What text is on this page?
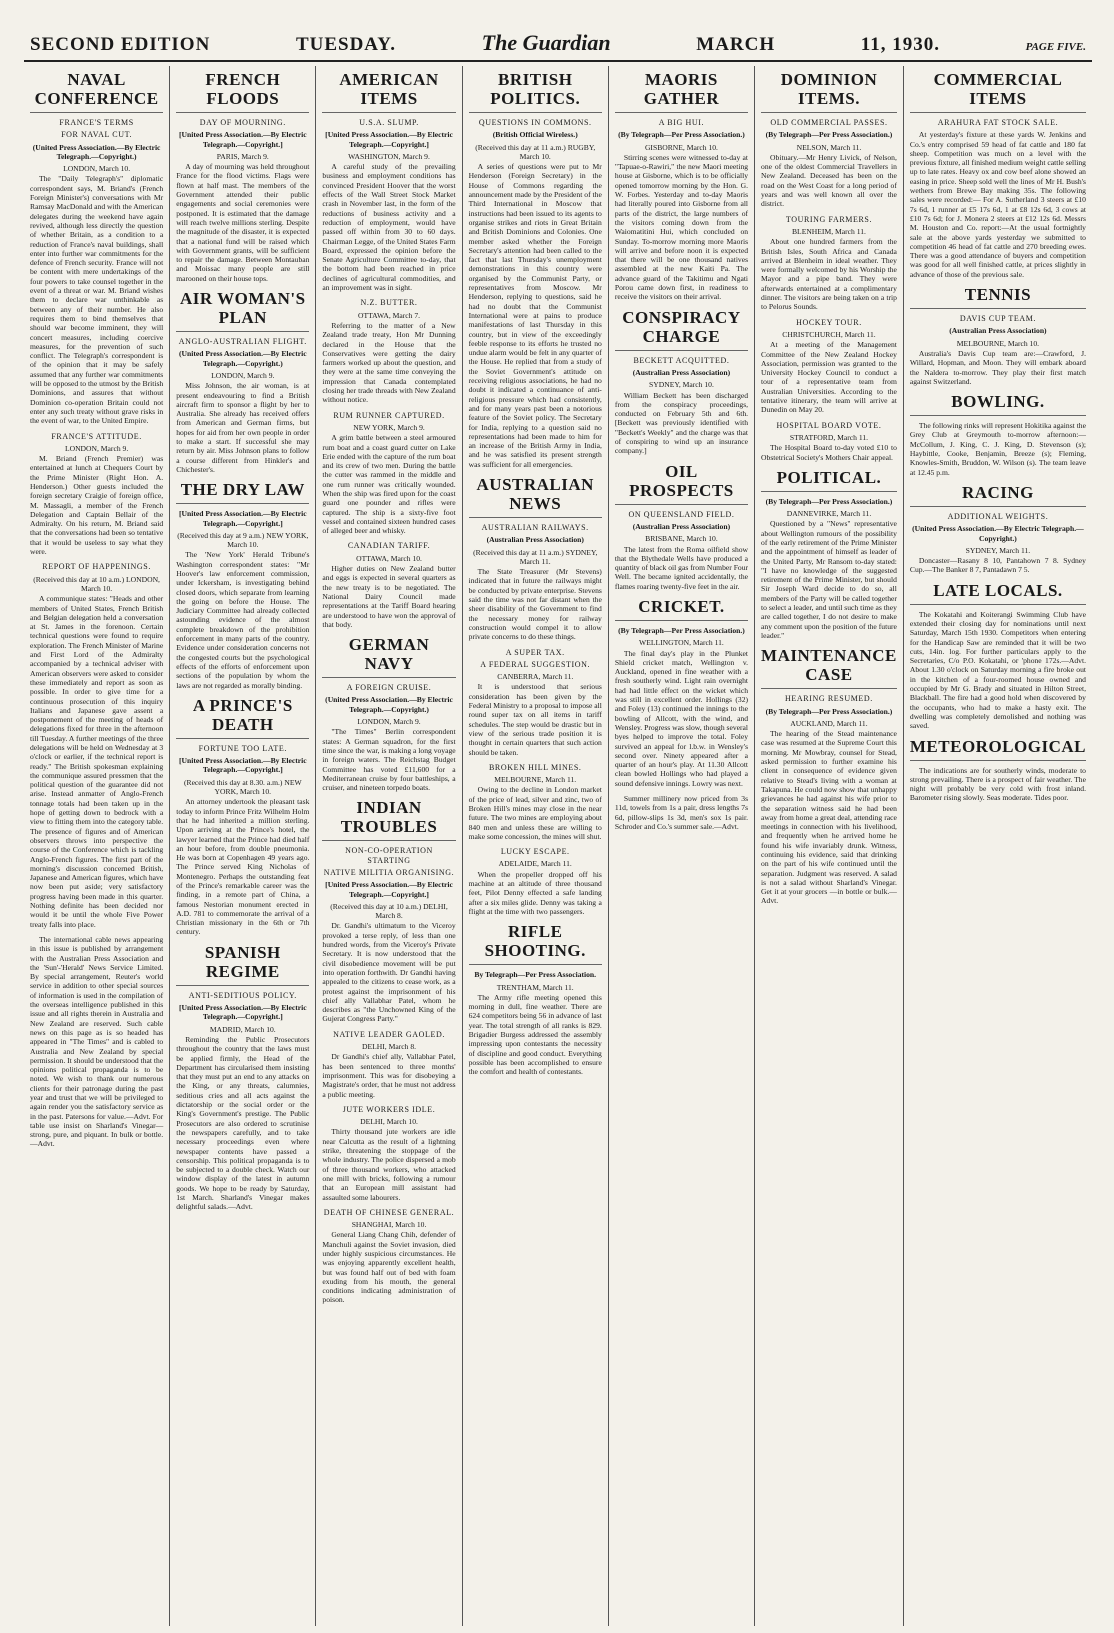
SECOND EDITION	TUESDAY.	The Guardian	MARCH	11, 1930.	PAGE FIVE.
NAVAL CONFERENCE
FRANCE'S TERMS
FOR NAVAL CUT.
(United Press Association.—By Electric Telegraph.—Copyright.)
LONDON, March 10.

The "Daily Telegraph's" diplomatic correspondent says, M. Briand's (French Foreign Minister's) conversations with Mr Ramsay MacDonald and with the American delegates during the weekend have again revived, although less directly the question of whether Britain, as a condition to a reduction of France's naval buildings, shall enter into further war commitments for the defence of French security. France will not be content with mere undertakings of the four powers to take counsel together in the event of a threat or war. M. Briand wishes them to declare war unthinkable as between any of their number. He also requires them to bind themselves that should war become imminent, they will concert measures, including coercive measures, for the prevention of such conflict. The Telegraph's correspondent is of the opinion that it may be safely assumed that any further war commitments will be opposed to the utmost by the British Dominions, and assures that without Dominion co-operation Britain could not enter any such treaty without grave risks in the event of war, to the United Empire.

FRANCE'S ATTITUDE.
LONDON, March 9.

M. Briand (French Premier) was entertained at lunch at Chequers Court by the Prime Minister (Right Hon. A. Henderson.) Other guests included the foreign secretary Craigie of foreign office, M. Massagli, a member of the French Delegation and Captain Bellair of the Admiralty. On his return, M. Briand said that the conversations had been so tentative that it would be useless to say what they were.

REPORT OF HAPPENINGS.
(Received this day at 10 a.m.) LONDON, March 10.

A communique states: "Heads and other members of United States, French British and Belgian delegation held a conversation at St. James in the forenoon. Certain technical questions were found to require exploration. The French Minister of Marine and First Lord of the Admiralty accompanied by a technical adviser with American observers were asked to consider these immediately and report as soon as possible. In order to give time for a continuous prosecution of this inquiry Italians and Japanese gave assent a postponement of the meeting of heads of delegations fixed for three in the afternoon till Tuesday. A further meetings of the three delegations will be held on Wednesday at 3 o'clock or earlier, if the technical report is ready." The British spokesman explaining the communique assured pressmen that the political question of the guarantee did not arise. Instead anmatter of Anglo-French tonnage totals had been taken up in the hope of getting down to bedrock with a view to fitting them into the category table. The presence of figures and of American observers throws into perspective the course of the Conference which is tackling Anglo-French figures. The first part of the morning's discussion concerned British, Japanese and American figures, which have now been put aside; very satisfactory progress having been made in this quarter. Nothing definite has been decided nor would it be until the whole Five Power treaty falls into place.

The international cable news appearing in this issue is published by arrangement with the Australian Press Association and the 'Sun'-'Herald' News Service Limited. By special arrangement, Reuter's world service in addition to other special sources of information is used in the compilation of the overseas intelligence published in this issue and all rights therein in Australia and New Zealand are reserved. Such cable news on this page as is so headed has appeared in "The Times" and is cabled to Australia and New Zealand by special permission. It should be understood that the opinions political propaganda is to be noted. We wish to thank our numerous clients for their patronage during the past year and trust that we will be privileged to again render you the satisfactory service as in the past. Patersons for value.—Advt. For table use insist on Sharland's Vinegar—strong, pure, and piquant. In bulk or bottle.—Advt.

FRENCH FLOODS
DAY OF MOURNING.
[United Press Association.—By Electric Telegraph.—Copyright.]
PARIS, March 9.

A day of mourning was held throughout France for the flood victims. Flags were flown at half mast. The members of the Government attended their public engagements and social ceremonies were postponed. It is estimated that the damage will reach twelve millions sterling. Despite the magnitude of the disaster, it is expected that a national fund will be raised which with Government grants, will be sufficient to repair the damage. Between Montauban and Moissac many people are still marooned on their house tops.

AIR WOMAN'S PLAN
ANGLO-AUSTRALIAN FLIGHT.
(United Press Association.—By Electric Telegraph.—Copyright.)
LONDON, March 9.

Miss Johnson, the air woman, is at present endeavouring to find a British aircraft firm to sponsor a flight by her to Australia. She already has received offers from American and German firms, but hopes for aid from her own people in order to make a start. If successful she may return by air. Miss Johnson plans to follow a course different from Hinkler's and Chichester's.

THE DRY LAW
[United Press Association.—By Electric Telegraph.—Copyright.]
(Received this day at 9 a.m.) NEW YORK, March 10.

The 'New York' Herald Tribune's Washington correspondent states: "Mr Hoover's law enforcement commission, under Ickersham, is investigating behind closed doors, which separate from learning the going on before the House. The Judiciary Committee had already collected astounding evidence of the almost complete breakdown of the prohibition enforcement in many parts of the country. Evidence under consideration concerns not the congested courts but the psychological effects of the efforts of enforcement upon sections of the population by whom the laws are not regarded as morally binding.

A PRINCE'S DEATH
FORTUNE TOO LATE.
[United Press Association.—By Electric Telegraph.—Copyright.]
(Received this day at 8.30. a.m.) NEW YORK, March 10.

An attorney undertook the pleasant task today to inform Prince Fritz Wilhelm Holm that he had inherited a million sterling. Upon arriving at the Prince's hotel, the lawyer learned that the Prince had died half an hour before, from double pneumonia. He was born at Copenhagen 49 years ago. The Prince served King Nicholas of Montenegro. Perhaps the outstanding feat of the Prince's remarkable career was the finding, in a remote part of China, a famous Nestorian monument erected in A.D. 781 to commemorate the arrival of a Christian missionary in the 6th or 7th century.

SPANISH REGIME
ANTI-SEDITIOUS POLICY.
[United Press Association.—By Electric Telegraph.—Copyright.]
MADRID, March 10.

Reminding the Public Prosecutors throughout the country that the laws must be applied firmly, the Head of the Department has circularised them insisting that they must put an end to any attacks on the King, or any threats, calumnies, seditious cries and all acts against the dictatorship or the social order or the King's Government's prestige. The Public Prosecutors are also ordered to scrutinise the newspapers carefully, and to take necessary proceedings even where newspaper contents have passed a censorship. This political propaganda is to be subjected to a double check. Watch our window display of the latest in autumn goods. We hope to be ready by Saturday, 1st March. Sharland's Vinegar makes delightful salads.—Advt.

AMERICAN ITEMS
U.S.A. SLUMP.
[United Press Association.—By Electric Telegraph.—Copyright.]
WASHINGTON, March 9.

A careful study of the prevailing business and employment conditions has convinced President Hoover that the worst effects of the Wall Street Stock Market crash in November last, in the form of the reductions of business activity and a reduction of employment, would have passed off within from 30 to 60 days. Chairman Legge, of the United States Farm Board, expressed the opinion before the Senate Agriculture Committee to-day, that the bottom had been reached in price declines of agricultural commodities, and an improvement was in sight.

N.Z. BUTTER.
OTTAWA, March 7.

Referring to the matter of a New Zealand trade treaty, Hon Mr Dunning declared in the House that the Conservatives were getting the dairy farmers worked up about the question, and they were at the same time conveying the impression that Canada contemplated closing her trade threads with New Zealand without notice.

RUM RUNNER CAPTURED.
NEW YORK, March 9.

A grim battle between a steel armoured rum boat and a coast guard cutter on Lake Erie ended with the capture of the rum boat and its crew of two men. During the battle the cutter was rammed in the middle and one rum runner was critically wounded. When the ship was fired upon for the coast guard one pounder and rifles were captured. The ship is a sixty-five foot vessel and contained sixteen hundred cases of alleged beer and whisky.

CANADIAN TARIFF.
OTTAWA, March 10.

Higher duties on New Zealand butter and eggs is expected in several quarters as the new treaty is to be negotiated. The National Dairy Council made representations at the Tariff Board hearing are understood to have won the approval of that body.

GERMAN NAVY
A FOREIGN CRUISE.
(United Press Association.—By Electric Telegraph.—Copyright.)
LONDON, March 9.

"The Times" Berlin correspondent states: A German squadron, for the first time since the war, is making a long voyage in foreign waters. The Reichstag Budget Committee has voted £11,600 for a Mediterranean cruise by four battleships, a cruiser, and nineteen torpedo boats.

INDIAN TROUBLES
NON-CO-OPERATION STARTING
NATIVE MILITIA ORGANISING.
[United Press Association.—By Electric Telegraph.—Copyright.]
(Received this day at 10 a.m.) DELHI, March 8.

Dr. Gandhi's ultimatum to the Viceroy provoked a terse reply, of less than one hundred words, from the Viceroy's Private Secretary. It is now understood that the civil disobedience movement will be put into operation forthwith. Dr Gandhi having appealed to the citizens to cease work, as a protest against the imprisonment of his chief ally Vallabhar Patel, whom he describes as "the Unchowned King of the Gujerat Congress Party."

NATIVE LEADER GAOLED.
DELHI, March 8.

Dr Gandhi's chief ally, Vallabhar Patel, has been sentenced to three months' imprisonment. This was for disobeying a Magistrate's order, that he must not address a public meeting.

JUTE WORKERS IDLE.
DELHI, March 10.

Thirty thousand jute workers are idle near Calcutta as the result of a lightning strike, threatening the stoppage of the whole industry. The police dispersed a mob of three thousand workers, who attacked one mill with bricks, following a rumour that an European mill assistant had assaulted some labourers.

DEATH OF CHINESE GENERAL.
SHANGHAI, March 10.

General Liang Chang Chih, defender of Manchuli against the Soviet invasion, died under highly suspicious circumstances. He was enjoying apparently excellent health, but was found half out of bed with foam exuding from his mouth, the general conditions indicating administration of poison.

BRITISH POLITICS.
QUESTIONS IN COMMONS.
(British Official Wireless.)
(Received this day at 11 a.m.) RUGBY, March 10.

A series of questions were put to Mr Henderson (Foreign Secretary) in the House of Commons regarding the announcement made by the President of the Third International in Moscow that instructions had been issued to its agents to organise strikes and riots in Great Britain and British Dominions and Colonies. One member asked whether the Foreign Secretary's attention had been called to the fact that last Thursday's unemployment demonstrations in this country were organised by the Communist Party, or representatives from Moscow. Mr Henderson, replying to questions, said he had no doubt that the Communist International were at pains to produce manifestations of last Thursday in this country, but in view of the exceedingly feeble response to its efforts he trusted no undue alarm would be felt in any quarter of the House. He replied that from a study of the Soviet Government's attitude on receiving religious associations, he had no doubt it indicated a continuance of anti-religious pressure which had consistently, and for many years past been a notorious feature of the Soviet policy. The Secretary for India, replying to a question said no representations had been made to him for an increase of the British Army in India, and he was satisfied its present strength was sufficient for all emergencies.

AUSTRALIAN NEWS
AUSTRALIAN RAILWAYS.
(Australian Press Association)
(Received this day at 11 a.m.) SYDNEY, March 11.

The State Treasurer (Mr Stevens) indicated that in future the railways might be conducted by private enterprise. Stevens said the time was not far distant when the sheer disability of the Government to find the necessary money for railway construction would compel it to allow private concerns to do these things.

A SUPER TAX.
A FEDERAL SUGGESTION.
CANBERRA, March 11.

It is understood that serious consideration has been given by the Federal Ministry to a proposal to impose all round super tax on all items in tariff schedules. The step would be drastic but in view of the serious trade position it is thought in certain quarters that such action should be taken.

BROKEN HILL MINES.
MELBOURNE, March 11.

Owing to the decline in London market of the price of lead, silver and zinc, two of Broken Hill's mines may close in the near future. The two mines are employing about 840 men and unless these are willing to make some concession, the mines will shut.

LUCKY ESCAPE.
ADELAIDE, March 11.

When the propeller dropped off his machine at an altitude of three thousand feet, Pilot Denny effected a safe landing after a six miles glide. Denny was taking a flight at the time with two passengers.

RIFLE SHOOTING.
By Telegraph—Per Press Association.
TRENTHAM, March 11.

The Army rifle meeting opened this morning in dull, fine weather. There are 624 competitors being 56 in advance of last year. The total strength of all ranks is 829. Brigadier Burgess addressed the assembly impressing upon contestants the necessity of discipline and good conduct. Everything possible has been accomplished to ensure the comfort and health of contestants.

MAORIS GATHER
A BIG HUI.
(By Telegraph—Per Press Association.)
GISBORNE, March 10.

Stirring scenes were witnessed to-day at "Tapuae-o-Rawiri," the new Maori meeting house at Gisborne, which is to be officially opened tomorrow morning by the Hon. G. W. Forbes. Yesterday and to-day Maoris had literally poured into Gisborne from all parts of the district, the large numbers of the visitors coming down from the Waiomatitini Hui, which concluded on Sunday. To-morrow morning more Maoris will arrive and before noon it is expected that there will be one thousand natives assembled at the new Kaiti Pa. The advance guard of the Takitimu and Ngati Porou came down first, in readiness to receive the visitors on their arrival.

CONSPIRACY CHARGE
BECKETT ACQUITTED.
(Australian Press Association)
SYDNEY, March 10.

William Beckett has been discharged from the conspiracy proceedings, conducted on February 5th and 6th. [Beckett was previously identified with "Beckett's Weekly" and the charge was that of conspiring to wind up an insurance company.]

OIL PROSPECTS
ON QUEENSLAND FIELD.
(Australian Press Association)
BRISBANE, March 10.

The latest from the Roma oilfield show that the Blythedale Wells have produced a quantity of black oil gas from Number Four Well. The became ignited accidentally, the flames roaring twenty-five feet in the air.

CRICKET.
(By Telegraph—Per Press Association.)
WELLINGTON, March 11.

The final day's play in the Plunket Shield cricket match, Wellington v. Auckland, opened in fine weather with a fresh southerly wind. Light rain overnight had had little effect on the wicket which was still in excellent order. Hollings (32) and Foley (13) continued the innings to the bowling of Allcott, with the wind, and Wensley. Progress was slow, though several byes helped to improve the total. Foley survived an appeal for l.b.w. in Wensley's second over. Ninety appeared after a quarter of an hour's play. At 11.30 Allcott clean bowled Hollings who had played a sound defensive innings. Lowry was next.

Summer millinery now priced from 3s 11d, towels from 1s a pair, dress lengths 7s 6d, pillow-slips 1s 3d, men's sox 1s pair. Schroder and Co.'s summer sale.—Advt.

DOMINION ITEMS.
OLD COMMERCIAL PASSES.
(By Telegraph—Per Press Association.)
NELSON, March 11.

Obituary.—Mr Henry Livick, of Nelson, one of the oldest Commercial Travellers in New Zealand. Deceased has been on the road on the West Coast for a long period of years and was well known all over the district.

TOURING FARMERS.
BLENHEIM, March 11.

About one hundred farmers from the British Isles, South Africa and Canada arrived at Blenheim in ideal weather. They were formally welcomed by his Worship the Mayor and a pipe band. They were afterwards entertained at a complimentary dinner. The visitors are being taken on a trip to Pelorus Sounds.

HOCKEY TOUR.
CHRISTCHURCH, March 11.

At a meeting of the Management Committee of the New Zealand Hockey Association, permission was granted to the University Hockey Council to conduct a tour of a representative team from Australian Universities. According to the tentative itinerary, the team will arrive at Dunedin on May 20.

HOSPITAL BOARD VOTE.
STRATFORD, March 11.

The Hospital Board to-day voted £10 to Obstetrical Society's Mothers Chair appeal.

POLITICAL.
(By Telegraph—Per Press Association.)
DANNEVIRKE, March 11.

Questioned by a "News" representative about Wellington rumours of the possibility of the early retirement of the Prime Minister and the appointment of himself as leader of the United Party, Mr Ransom to-day stated: "I have no knowledge of the suggested retirement of the Prime Minister, but should Sir Joseph Ward decide to do so, all members of the Party will be called together to select a leader, and until such time as they are called together, I do not desire to make any comment upon the position of the future leader."

MAINTENANCE CASE
HEARING RESUMED.
(By Telegraph—Per Press Association.)
AUCKLAND, March 11.

The hearing of the Stead maintenance case was resumed at the Supreme Court this morning. Mr Mowbray, counsel for Stead, asked permission to further examine his client in consequence of evidence given relative to Stead's living with a woman at Takapuna. He could now show that unhappy grievances he had against his wife prior to the separation witness said he had been away from home a great deal, attending race meetings in connection with his livelihood, and frequently when he arrived home he found his wife invariably drunk. Witness, continuing his evidence, said that drinking on the part of his wife continued until the separation. Judgment was reserved. A salad is not a salad without Sharland's Vinegar. Get it at your grocers —in bottle or bulk.—Advt.

COMMERCIAL ITEMS
ARAHURA FAT STOCK SALE.

At yesterday's fixture at these yards W. Jenkins and Co.'s entry comprised 59 head of fat cattle and 180 fat sheep. Competition was much on a level with the previous fixture, all finished medium weight cattle selling up to late rates. Heavy ox and cow beef alone showed an easing in price. Sheep sold well the lines of Mr H. Bush's wethers from Brewe Bay making 35s. The following sales were recorded:— For A. Sutherland 3 steers at £10 7s 6d, 1 runner at £5 17s 6d, 1 at £8 12s 6d, 3 cows at £10 7s 6d; for J. Monera 2 steers at £12 12s 6d. Messrs M. Houston and Co. report:—At the usual fortnightly sale at the above yards yesterday we submitted to competition 46 head of fat cattle and 270 breeding ewes. There was a good attendance of buyers and competition was good for all well finished cattle, at prices slightly in advance of those of the previous sale.

TENNIS
DAVIS CUP TEAM.
(Australian Press Association)
MELBOURNE, March 10.

Australia's Davis Cup team are:—Crawford, J. Willard, Hopman, and Moon. They will embark aboard the Naldera to-morrow. They play their first match against Switzerland.

BOWLING.

The following rinks will represent Hokitika against the Grey Club at Greymouth to-morrow afternoon:— McCollum, J. King, C. J. King, D. Stevenson (s); Haybittle, Cooke, Benjamin, Breeze (s); Fleming, Knowles-Smith, Bruddon, W. Wilson (s). The team leave at 12.45 p.m.

RACING
ADDITIONAL WEIGHTS.
(United Press Association.—By Electric Telegraph.—Copyright.)
SYDNEY, March 11.

Doncaster—Rasany 8 10, Pantahown 7 8. Sydney Cup.—The Banker 8 7, Pantadawn 7 5.

LATE LOCALS.

The Kokatahi and Koiterangi Swimming Club have extended their closing day for nominations until next Saturday, March 15th 1930. Competitors when entering for the Handicap Saw are reminded that it will be two cuts, 14in. log. For further particulars apply to the Secretaries, C/o P.O. Kokatahi, or 'phone 172s.—Advt. About 1.30 o'clock on Saturday morning a fire broke out in the kitchen of a four-roomed house owned and occupied by Mr G. Brady and situated in Hilton Street, Blackball. The fire had a good hold when discovered by the occupants, who had to make a hasty exit. The dwelling was completely demolished and nothing was saved.

METEOROLOGICAL

The indications are for southerly winds, moderate to strong prevailing. There is a prospect of fair weather. The night will probably be very cold with frost inland. Barometer rising slowly. Seas moderate. Tides poor.
